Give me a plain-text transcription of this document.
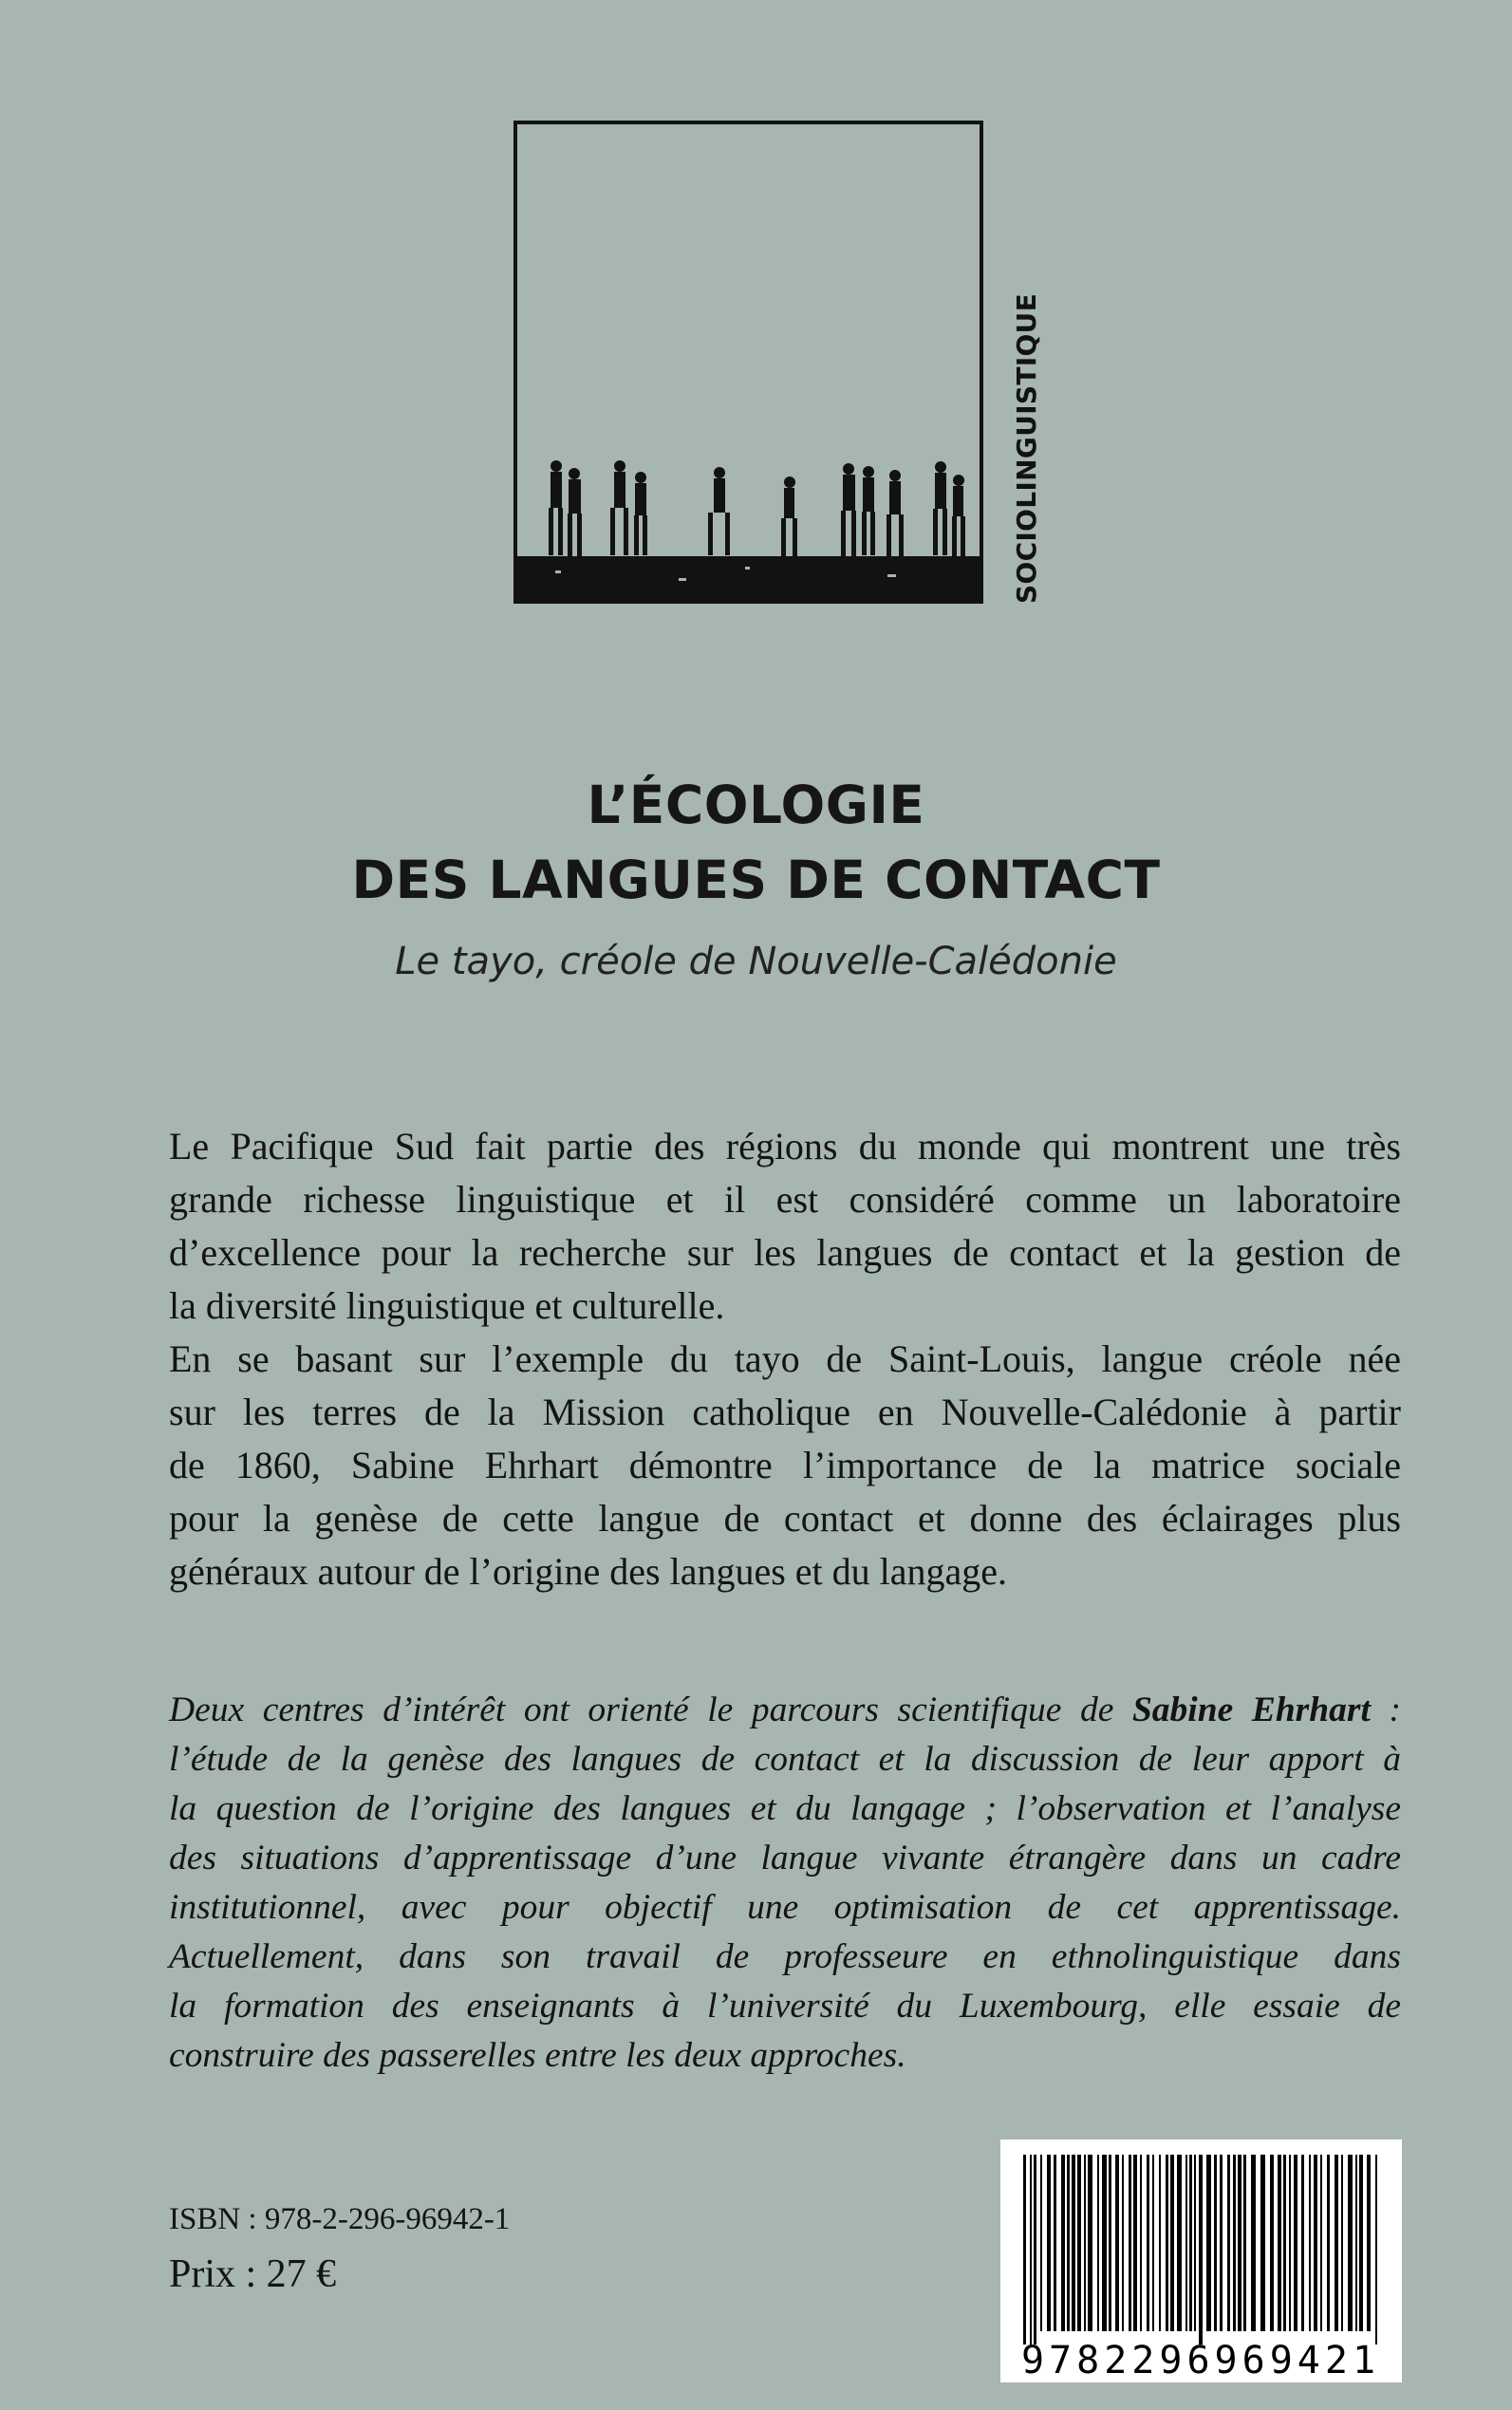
SOCIOLINGUISTIQUE
L’ÉCOLOGIE
DES LANGUES DE CONTACT
Le tayo, créole de Nouvelle-Calédonie
Le Pacifique Sud fait partie des régions du monde qui montrent une très
grande richesse linguistique et il est considéré comme un laboratoire
d’excellence pour la recherche sur les langues de contact et la gestion de
la diversité linguistique et culturelle.
En se basant sur l’exemple du tayo de Saint-Louis, langue créole née
sur les terres de la Mission catholique en Nouvelle-Calédonie à partir
de 1860, Sabine Ehrhart démontre l’importance de la matrice sociale
pour la genèse de cette langue de contact et donne des éclairages plus
généraux autour de l’origine des langues et du langage.
Deux centres d’intérêt ont orienté le parcours scientifique de Sabine Ehrhart :
l’étude de la genèse des langues de contact et la discussion de leur apport à
la question de l’origine des langues et du langage ; l’observation et l’analyse
des situations d’apprentissage d’une langue vivante étrangère dans un cadre
institutionnel, avec pour objectif une optimisation de cet apprentissage.
Actuellement, dans son travail de professeure en ethnolinguistique dans
la formation des enseignants à l’université du Luxembourg, elle essaie de
construire des passerelles entre les deux approches.
ISBN : 978-2-296-96942-1
Prix : 27 €
9782296969421
